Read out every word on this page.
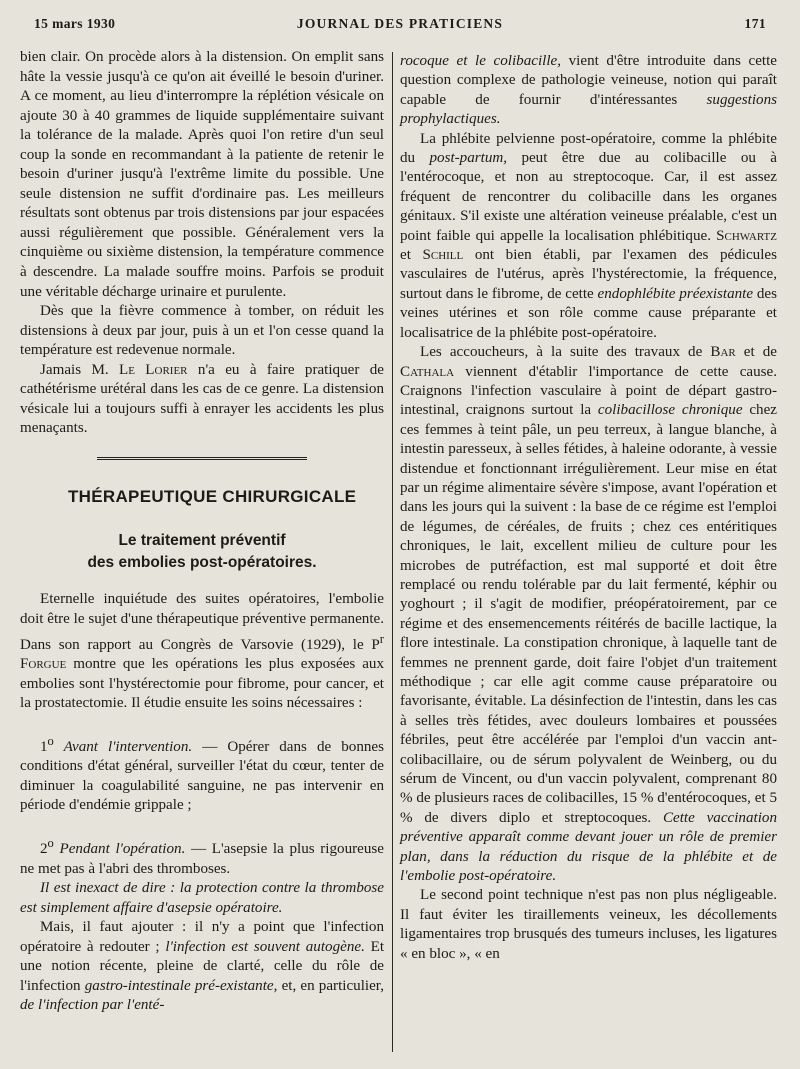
15 mars 1930	JOURNAL DES PRATICIENS	171

bien clair. On procède alors à la distension. On emplit sans hâte la vessie jusqu'à ce qu'on ait éveillé le besoin d'uriner. A ce moment, au lieu d'interrompre la réplétion vésicale on ajoute 30 à 40 grammes de liquide supplémentaire suivant la tolérance de la malade. Après quoi l'on retire d'un seul coup la sonde en recommandant à la patiente de retenir le besoin d'uriner jusqu'à l'extrême limite du possible. Une seule distension ne suffit d'ordinaire pas. Les meilleurs résultats sont obtenus par trois distensions par jour espacées aussi régulièrement que possible. Généralement vers la cinquième ou sixième distension, la température commence à descendre. La malade souffre moins. Parfois se produit une véritable décharge urinaire et purulente.

Dès que la fièvre commence à tomber, on réduit les distensions à deux par jour, puis à un et l'on cesse quand la température est redevenue normale.

Jamais M. Le Lorier n'a eu à faire pratiquer de cathétérisme urétéral dans les cas de ce genre. La distension vésicale lui a toujours suffi à enrayer les accidents les plus menaçants.

THÉRAPEUTIQUE CHIRURGICALE
Le traitement préventif
des embolies post-opératoires.

Eternelle inquiétude des suites opératoires, l'embolie doit être le sujet d'une thérapeutique préventive permanente. Dans son rapport au Congrès de Varsovie (1929), le $P^r$ Forgue montre que les opérations les plus exposées aux embolies sont l'hystérectomie pour fibrome, pour cancer, et la prostatectomie. Il étudie ensuite les soins nécessaires :

1$^o$ Avant l'intervention. — Opérer dans de bonnes conditions d'état général, surveiller l'état du cœur, tenter de diminuer la coagulabilité sanguine, ne pas intervenir en période d'endémie grippale ;

2$^o$ Pendant l'opération. — L'asepsie la plus rigoureuse ne met pas à l'abri des thromboses.

Il est inexact de dire : la protection contre la thrombose est simplement affaire d'asepsie opératoire.

Mais, il faut ajouter : il n'y a point que l'infection opératoire à redouter ; l'infection est souvent autogène. Et une notion récente, pleine de clarté, celle du rôle de l'infection gastro-intestinale pré-existante, et, en particulier, de l'infection par l'enté-

rocoque et le colibacille, vient d'être introduite dans cette question complexe de pathologie veineuse, notion qui paraît capable de fournir d'intéressantes suggestions prophylactiques.

La phlébite pelvienne post-opératoire, comme la phlébite du post-partum, peut être due au colibacille ou à l'entérocoque, et non au streptocoque. Car, il est assez fréquent de rencontrer du colibacille dans les organes génitaux. S'il existe une altération veineuse préalable, c'est un point faible qui appelle la localisation phlébitique. Schwartz et Schill ont bien établi, par l'examen des pédicules vasculaires de l'utérus, après l'hystérectomie, la fréquence, surtout dans le fibrome, de cette endophlébite préexistante des veines utérines et son rôle comme cause préparante et localisatrice de la phlébite post-opératoire.

Les accoucheurs, à la suite des travaux de Bar et de Cathala viennent d'établir l'importance de cette cause. Craignons l'infection vasculaire à point de départ gastro-intestinal, craignons surtout la colibacillose chronique chez ces femmes à teint pâle, un peu terreux, à langue blanche, à intestin paresseux, à selles fétides, à haleine odorante, à vessie distendue et fonctionnant irrégulièrement. Leur mise en état par un régime alimentaire sévère s'impose, avant l'opération et dans les jours qui la suivent : la base de ce régime est l'emploi de légumes, de céréales, de fruits ; chez ces entéritiques chroniques, le lait, excellent milieu de culture pour les microbes de putréfaction, est mal supporté et doit être remplacé ou rendu tolérable par du lait fermenté, képhir ou yoghourt ; il s'agit de modifier, préopératoirement, par ce régime et des ensemencements réitérés de bacille lactique, la flore intestinale. La constipation chronique, à laquelle tant de femmes ne prennent garde, doit faire l'objet d'un traitement méthodique ; car elle agit comme cause préparatoire ou favorisante, évitable. La désinfection de l'intestin, dans les cas à selles très fétides, avec douleurs lombaires et poussées fébriles, peut être accélérée par l'emploi d'un vaccin ant-colibacillaire, ou de sérum polyvalent de Weinberg, ou du sérum de Vincent, ou d'un vaccin polyvalent, comprenant 80 % de plusieurs races de colibacilles, 15 % d'entérocoques, et 5 % de divers diplo et streptocoques. Cette vaccination préventive apparaît comme devant jouer un rôle de premier plan, dans la réduction du risque de la phlébite et de l'embolie post-opératoire.

Le second point technique n'est pas non plus négligeable. Il faut éviter les tiraillements veineux, les décollements ligamentaires trop brusqués des tumeurs incluses, les ligatures « en bloc », « en
